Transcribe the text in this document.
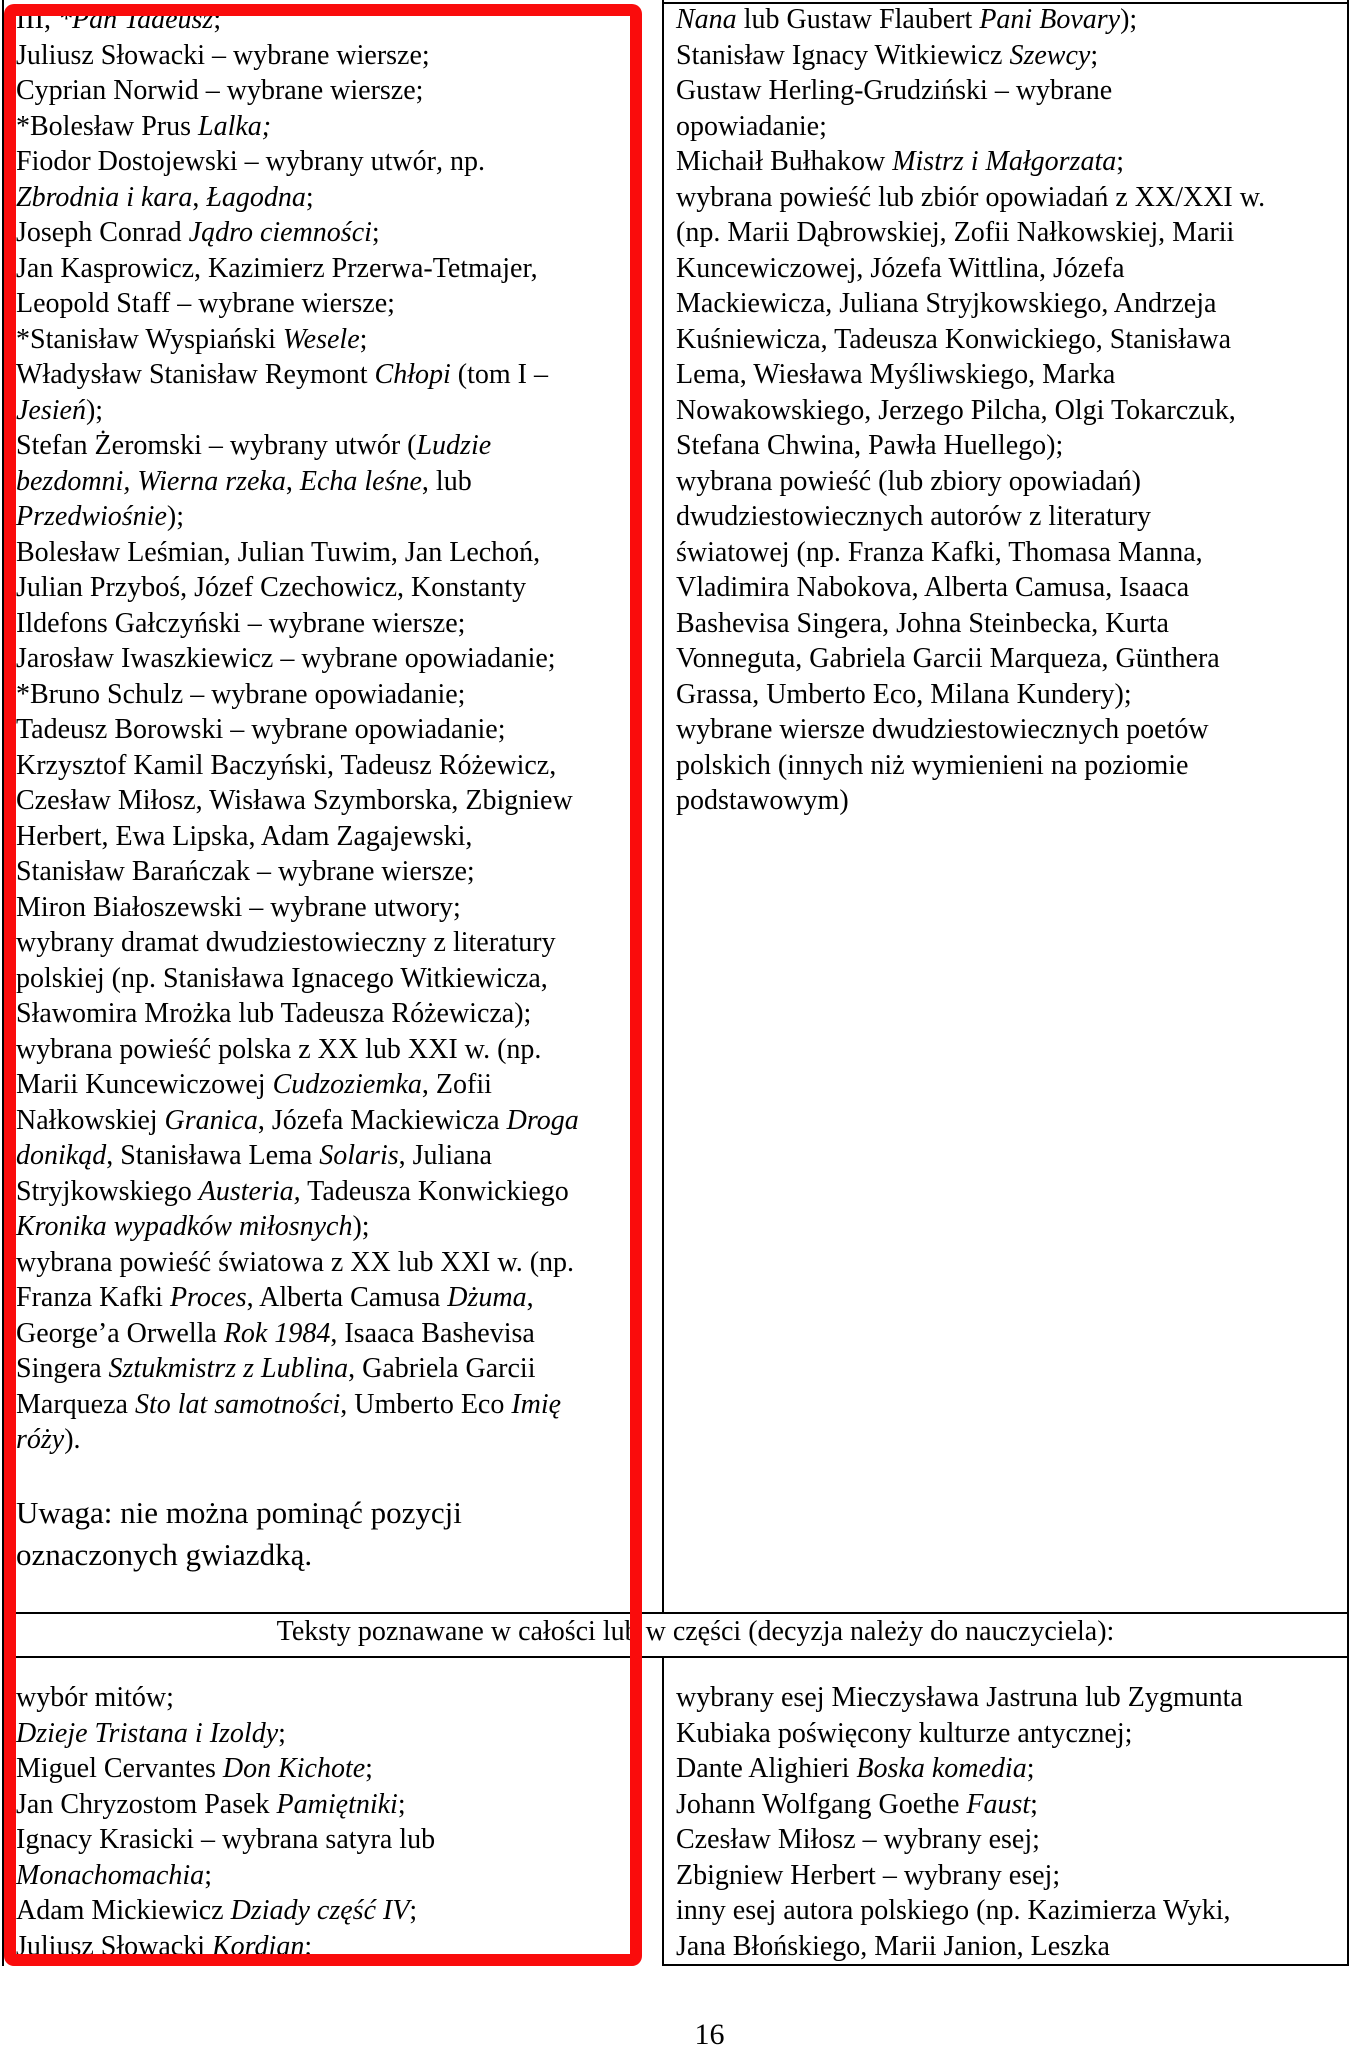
III, *Pan Tadeusz;
Juliusz Słowacki – wybrane wiersze;
Cyprian Norwid – wybrane wiersze;
*Bolesław Prus Lalka;
Fiodor Dostojewski – wybrany utwór, np.
Zbrodnia i kara, Łagodna;
Joseph Conrad Jądro ciemności;
Jan Kasprowicz, Kazimierz Przerwa-Tetmajer,
Leopold Staff – wybrane wiersze;
*Stanisław Wyspiański Wesele;
Władysław Stanisław Reymont Chłopi (tom I –
Jesień);
Stefan Żeromski – wybrany utwór (Ludzie
bezdomni, Wierna rzeka, Echa leśne, lub
Przedwiośnie);
Bolesław Leśmian, Julian Tuwim, Jan Lechoń,
Julian Przyboś, Józef Czechowicz, Konstanty
Ildefons Gałczyński – wybrane wiersze;
Jarosław Iwaszkiewicz – wybrane opowiadanie;
*Bruno Schulz – wybrane opowiadanie;
Tadeusz Borowski – wybrane opowiadanie;
Krzysztof Kamil Baczyński, Tadeusz Różewicz,
Czesław Miłosz, Wisława Szymborska, Zbigniew
Herbert, Ewa Lipska, Adam Zagajewski,
Stanisław Barańczak – wybrane wiersze;
Miron Białoszewski – wybrane utwory;
wybrany dramat dwudziestowieczny z literatury
polskiej (np. Stanisława Ignacego Witkiewicza,
Sławomira Mrożka lub Tadeusza Różewicza);
wybrana powieść polska z XX lub XXI w. (np.
Marii Kuncewiczowej Cudzoziemka, Zofii
Nałkowskiej Granica, Józefa Mackiewicza Droga
donikąd, Stanisława Lema Solaris, Juliana
Stryjkowskiego Austeria, Tadeusza Konwickiego
Kronika wypadków miłosnych);
wybrana powieść światowa z XX lub XXI w. (np.
Franza Kafki Proces, Alberta Camusa Dżuma,
George’a Orwella Rok 1984, Isaaca Bashevisa
Singera Sztukmistrz z Lublina, Gabriela Garcii
Marqueza Sto lat samotności, Umberto Eco Imię
róży).
Nana lub Gustaw Flaubert Pani Bovary);
Stanisław Ignacy Witkiewicz Szewcy;
Gustaw Herling-Grudziński – wybrane
opowiadanie;
Michaił Bułhakow Mistrz i Małgorzata;
wybrana powieść lub zbiór opowiadań z XX/XXI w.
(np. Marii Dąbrowskiej, Zofii Nałkowskiej, Marii
Kuncewiczowej, Józefa Wittlina, Józefa
Mackiewicza, Juliana Stryjkowskiego, Andrzeja
Kuśniewicza, Tadeusza Konwickiego, Stanisława
Lema, Wiesława Myśliwskiego, Marka
Nowakowskiego, Jerzego Pilcha, Olgi Tokarczuk,
Stefana Chwina, Pawła Huellego);
wybrana powieść (lub zbiory opowiadań)
dwudziestowiecznych autorów z literatury
światowej (np. Franza Kafki, Thomasa Manna,
Vladimira Nabokova, Alberta Camusa, Isaaca
Bashevisa Singera, Johna Steinbecka, Kurta
Vonneguta, Gabriela Garcii Marqueza, Günthera
Grassa, Umberto Eco, Milana Kundery);
wybrane wiersze dwudziestowiecznych poetów
polskich (innych niż wymienieni na poziomie
podstawowym)
Uwaga: nie można pominąć pozycji
oznaczonych gwiazdką.
Teksty poznawane w całości lub w części (decyzja należy do nauczyciela):
wybór mitów;
Dzieje Tristana i Izoldy;
Miguel Cervantes Don Kichote;
Jan Chryzostom Pasek Pamiętniki;
Ignacy Krasicki – wybrana satyra lub
Monachomachia;
Adam Mickiewicz Dziady część IV;
Juliusz Słowacki Kordian;
wybrany esej Mieczysława Jastruna lub Zygmunta
Kubiaka poświęcony kulturze antycznej;
Dante Alighieri Boska komedia;
Johann Wolfgang Goethe Faust;
Czesław Miłosz – wybrany esej;
Zbigniew Herbert – wybrany esej;
inny esej autora polskiego (np. Kazimierza Wyki,
Jana Błońskiego, Marii Janion, Leszka
16
